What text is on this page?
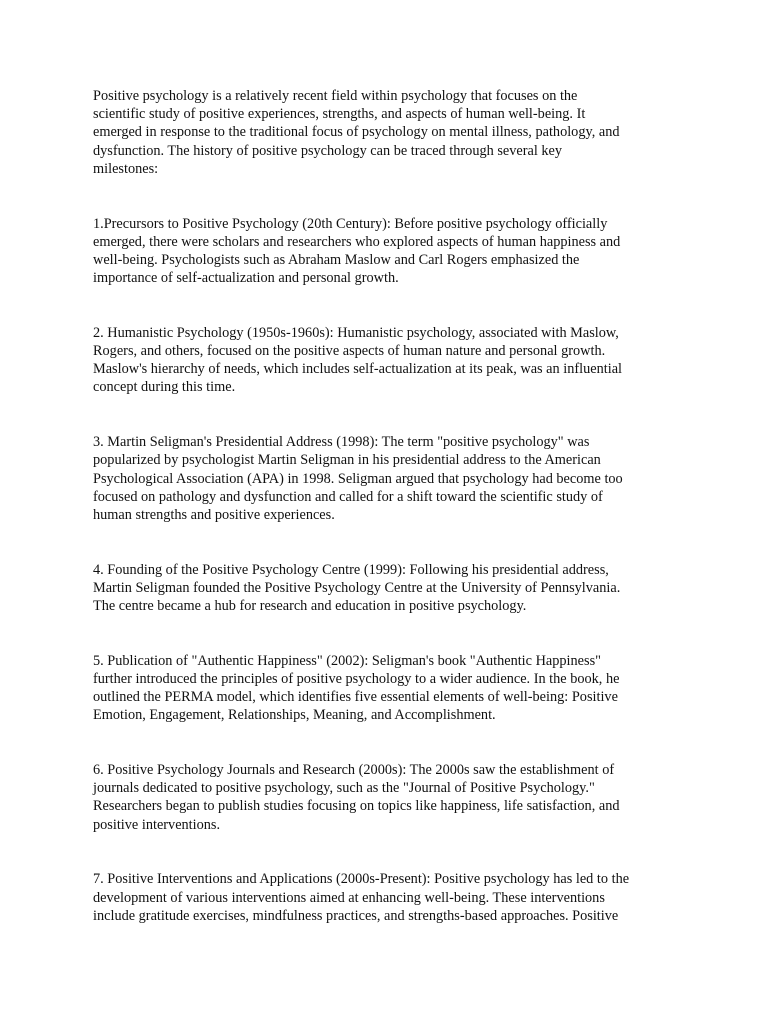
Positive psychology is a relatively recent field within psychology that focuses on the
scientific study of positive experiences, strengths, and aspects of human well-being. It
emerged in response to the traditional focus of psychology on mental illness, pathology, and
dysfunction. The history of positive psychology can be traced through several key
milestones:

1.Precursors to Positive Psychology (20th Century): Before positive psychology officially
emerged, there were scholars and researchers who explored aspects of human happiness and
well-being. Psychologists such as Abraham Maslow and Carl Rogers emphasized the
importance of self-actualization and personal growth.

2. Humanistic Psychology (1950s-1960s): Humanistic psychology, associated with Maslow,
Rogers, and others, focused on the positive aspects of human nature and personal growth.
Maslow's hierarchy of needs, which includes self-actualization at its peak, was an influential
concept during this time.

3. Martin Seligman's Presidential Address (1998): The term "positive psychology" was
popularized by psychologist Martin Seligman in his presidential address to the American
Psychological Association (APA) in 1998. Seligman argued that psychology had become too
focused on pathology and dysfunction and called for a shift toward the scientific study of
human strengths and positive experiences.

4. Founding of the Positive Psychology Centre (1999): Following his presidential address,
Martin Seligman founded the Positive Psychology Centre at the University of Pennsylvania.
The centre became a hub for research and education in positive psychology.

5. Publication of "Authentic Happiness" (2002): Seligman's book "Authentic Happiness"
further introduced the principles of positive psychology to a wider audience. In the book, he
outlined the PERMA model, which identifies five essential elements of well-being: Positive
Emotion, Engagement, Relationships, Meaning, and Accomplishment.

6. Positive Psychology Journals and Research (2000s): The 2000s saw the establishment of
journals dedicated to positive psychology, such as the "Journal of Positive Psychology."
Researchers began to publish studies focusing on topics like happiness, life satisfaction, and
positive interventions.

7. Positive Interventions and Applications (2000s-Present): Positive psychology has led to the
development of various interventions aimed at enhancing well-being. These interventions
include gratitude exercises, mindfulness practices, and strengths-based approaches. Positive
